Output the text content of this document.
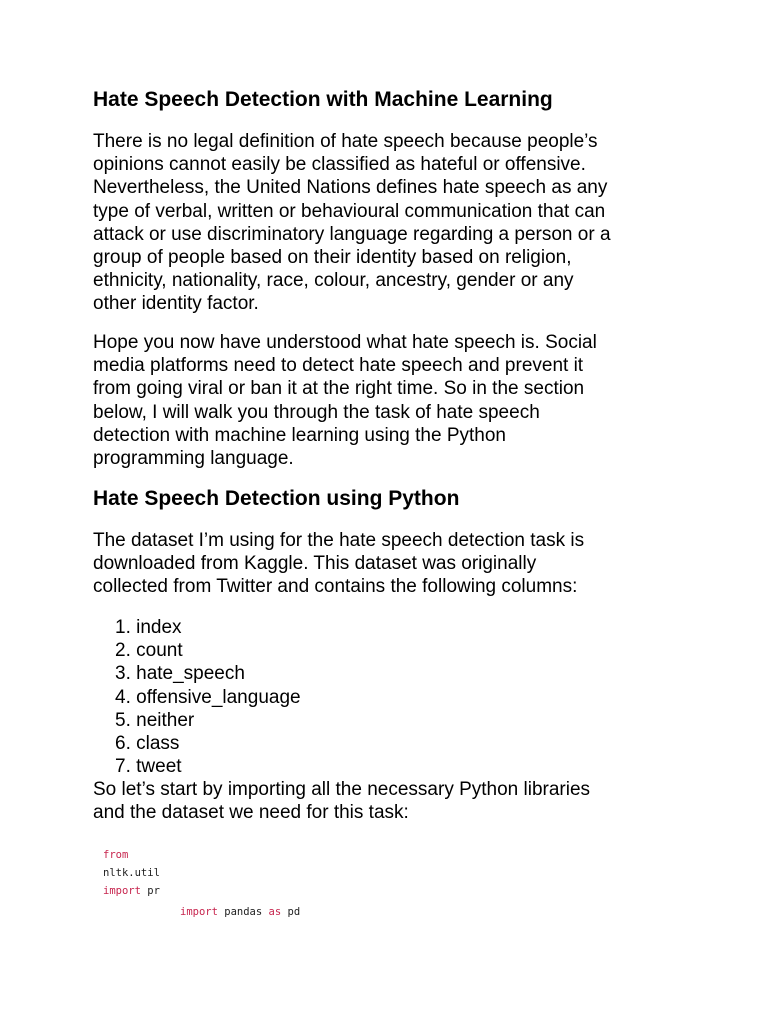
Hate Speech Detection with Machine Learning

There is no legal definition of hate speech because people’s

opinions cannot easily be classified as hateful or offensive.

Nevertheless, the United Nations defines hate speech as any

type of verbal, written or behavioural communication that can

attack or use discriminatory language regarding a person or a

group of people based on their identity based on religion,

ethnicity, nationality, race, colour, ancestry, gender or any

other identity factor.

Hope you now have understood what hate speech is. Social

media platforms need to detect hate speech and prevent it

from going viral or ban it at the right time. So in the section

below, I will walk you through the task of hate speech

detection with machine learning using the Python

programming language.

Hate Speech Detection using Python

The dataset I’m using for the hate speech detection task is

downloaded from Kaggle. This dataset was originally

collected from Twitter and contains the following columns:

1. index
2. count
3. hate_speech
4. offensive_language
5. neither
6. class
7. tweet

So let’s start by importing all the necessary Python libraries

and the dataset we need for this task:

from
nltk.util
import pr
import pandas as pd
